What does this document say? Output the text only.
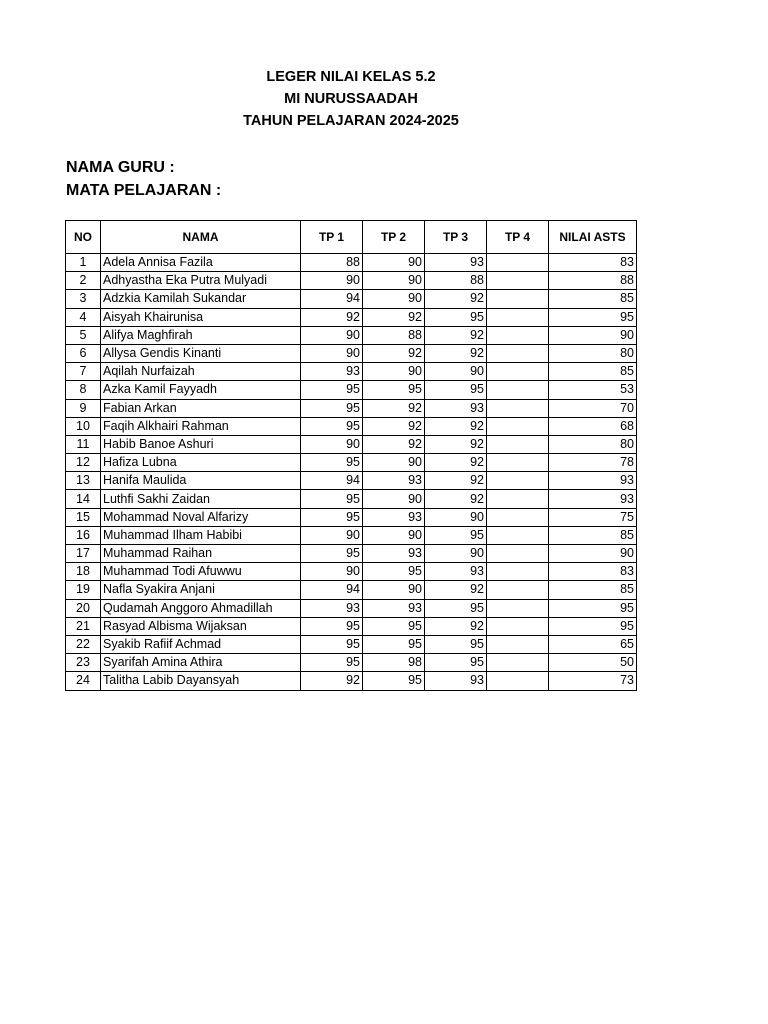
LEGER NILAI KELAS 5.2
MI NURUSSAADAH
TAHUN PELAJARAN 2024-2025
NAMA GURU :
MATA PELAJARAN :
NO	NAMA	TP 1	TP 2	TP 3	TP 4	NILAI ASTS
1	Adela Annisa Fazila	88	90	93		83
2	Adhyastha Eka Putra Mulyadi	90	90	88		88
3	Adzkia Kamilah Sukandar	94	90	92		85
4	Aisyah Khairunisa	92	92	95		95
5	Alifya Maghfirah	90	88	92		90
6	Allysa Gendis Kinanti	90	92	92		80
7	Aqilah Nurfaizah	93	90	90		85
8	Azka Kamil Fayyadh	95	95	95		53
9	Fabian Arkan	95	92	93		70
10	Faqih Alkhairi Rahman	95	92	92		68
11	Habib Banoe Ashuri	90	92	92		80
12	Hafiza Lubna	95	90	92		78
13	Hanifa Maulida	94	93	92		93
14	Luthfi Sakhi Zaidan	95	90	92		93
15	Mohammad Noval Alfarizy	95	93	90		75
16	Muhammad Ilham Habibi	90	90	95		85
17	Muhammad Raihan	95	93	90		90
18	Muhammad Todi Afuwwu	90	95	93		83
19	Nafla Syakira Anjani	94	90	92		85
20	Qudamah Anggoro Ahmadillah	93	93	95		95
21	Rasyad Albisma Wijaksan	95	95	92		95
22	Syakib Rafiif Achmad	95	95	95		65
23	Syarifah Amina Athira	95	98	95		50
24	Talitha Labib Dayansyah	92	95	93		73
